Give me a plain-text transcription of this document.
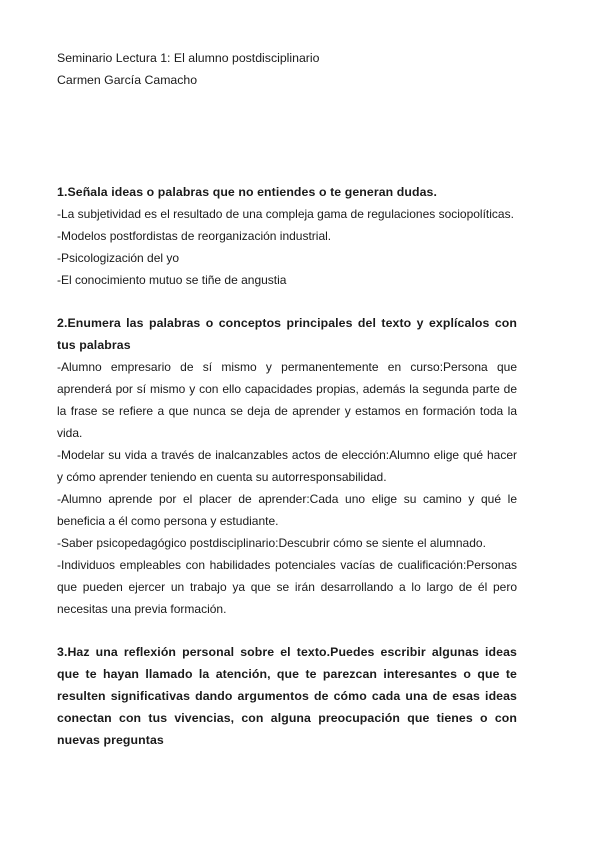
Seminario Lectura 1: El alumno postdisciplinario
Carmen García Camacho

1.Señala ideas o palabras que no entiendes o te generan dudas.

-La subjetividad es el resultado de una compleja gama de regulaciones sociopolíticas.

-Modelos postfordistas de reorganización industrial.

-Psicologización del yo

-El conocimiento mutuo se tiñe de angustia

2.Enumera las palabras o conceptos principales del texto y explícalos con tus palabras

-Alumno empresario de sí mismo y permanentemente en curso:Persona que aprenderá por sí mismo y con ello capacidades propias, además la segunda parte de la frase se refiere a que nunca se deja de aprender y estamos en formación toda la vida.

-Modelar su vida a través de inalcanzables actos de elección:Alumno elige qué hacer y cómo aprender teniendo en cuenta su autorresponsabilidad.

-Alumno aprende por el placer de aprender:Cada uno elige su camino y qué le beneficia a él como persona y estudiante.

-Saber psicopedagógico postdisciplinario:Descubrir cómo se siente el alumnado.

-Individuos empleables con habilidades potenciales vacías de cualificación:Personas que pueden ejercer un trabajo ya que se irán desarrollando a lo largo de él pero necesitas una previa formación.

3.Haz una reflexión personal sobre el texto.Puedes escribir algunas ideas que te hayan llamado la atención, que te parezcan interesantes o que te resulten significativas dando argumentos de cómo cada una de esas ideas conectan con tus vivencias, con alguna preocupación que tienes o con nuevas preguntas
